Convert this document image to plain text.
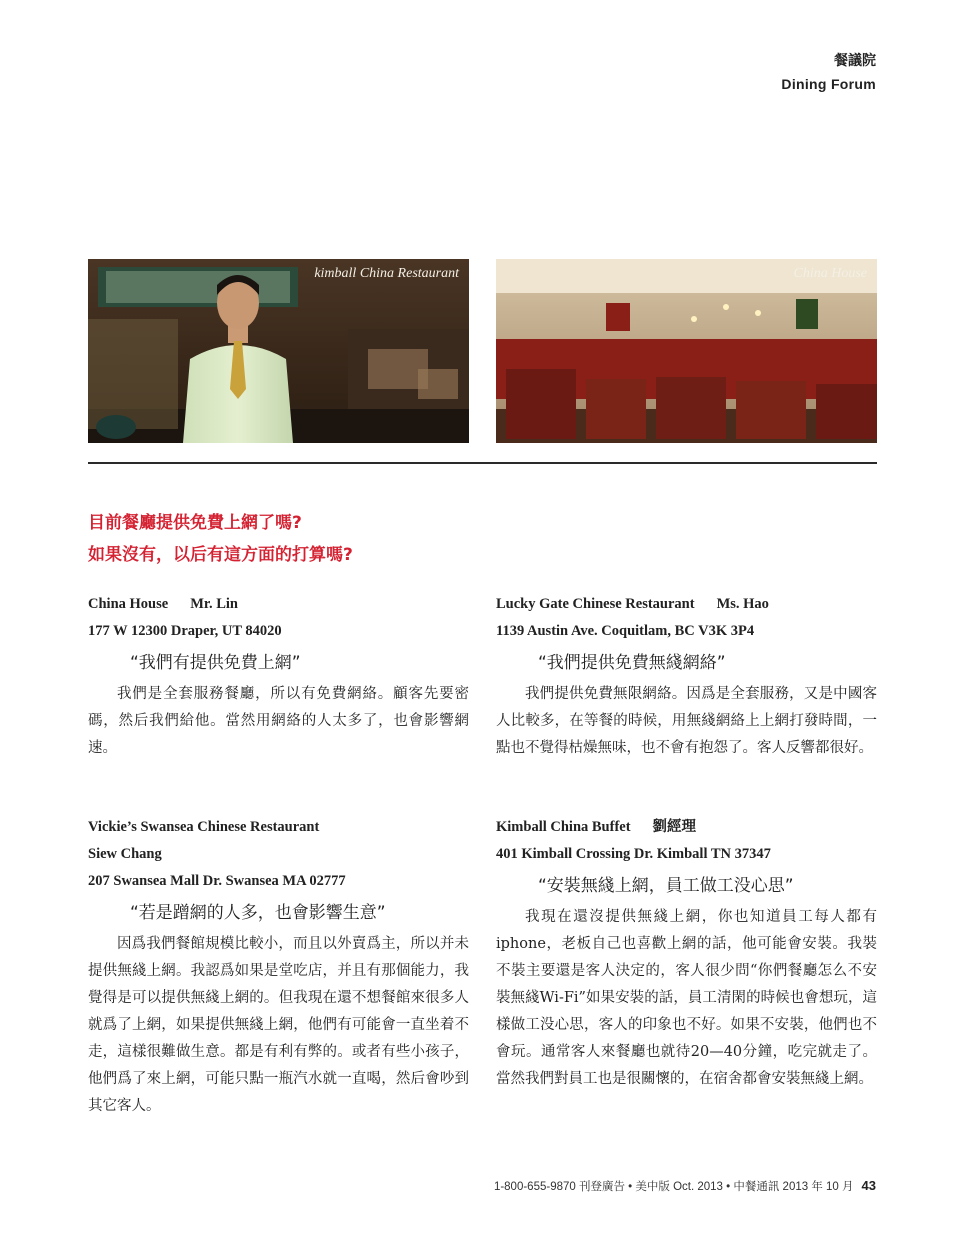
餐議院
Dining Forum
kimball China Restaurant	China House
目前餐廳提供免費上網了嗎?
如果沒有，以后有這方面的打算嗎?
China House Mr. Lin
177 W 12300 Draper, UT 84020
“我們有提供免費上網”

我們是全套服務餐廳，所以有免費網絡。顧客先要密碼，然后我們給他。當然用網絡的人太多了，也會影響網速。

Lucky Gate Chinese Restaurant Ms. Hao
1139 Austin Ave. Coquitlam, BC V3K 3P4
“我們提供免費無綫網絡”

我們提供免費無限網絡。因爲是全套服務，又是中國客人比較多，在等餐的時候，用無綫網絡上上網打發時間，一點也不覺得枯燥無味，也不會有抱怨了。客人反響都很好。

Vickie’s Swansea Chinese Restaurant
Siew Chang
207 Swansea Mall Dr. Swansea MA 02777
“若是蹭網的人多，也會影響生意”

因爲我們餐館規模比較小，而且以外賣爲主，所以并未提供無綫上網。我認爲如果是堂吃店，并且有那個能力，我覺得是可以提供無綫上網的。但我現在還不想餐館來很多人就爲了上網，如果提供無綫上網，他們有可能會一直坐着不走，這樣很難做生意。都是有利有弊的。或者有些小孩子，他們爲了來上網，可能只點一瓶汽水就一直喝，然后會吵到其它客人。

Kimball China Buffet 劉經理
401 Kimball Crossing Dr. Kimball TN 37347
“安裝無綫上網，員工做工没心思”

我現在還沒提供無綫上網，你也知道員工每人都有iphone，老板自己也喜歡上網的話，他可能會安裝。我裝不裝主要還是客人決定的，客人很少問“你們餐廳怎么不安裝無綫Wi-Fi”如果安裝的話，員工清閑的時候也會想玩，這樣做工没心思，客人的印象也不好。如果不安裝，他們也不會玩。通常客人來餐廳也就待20—40分鐘，吃完就走了。當然我們對員工也是很關懷的，在宿舍都會安裝無綫上網。

1-800-655-9870 刊登廣告 • 美中版 Oct. 2013 • 中餐通訊 2013 年 10 月 43
